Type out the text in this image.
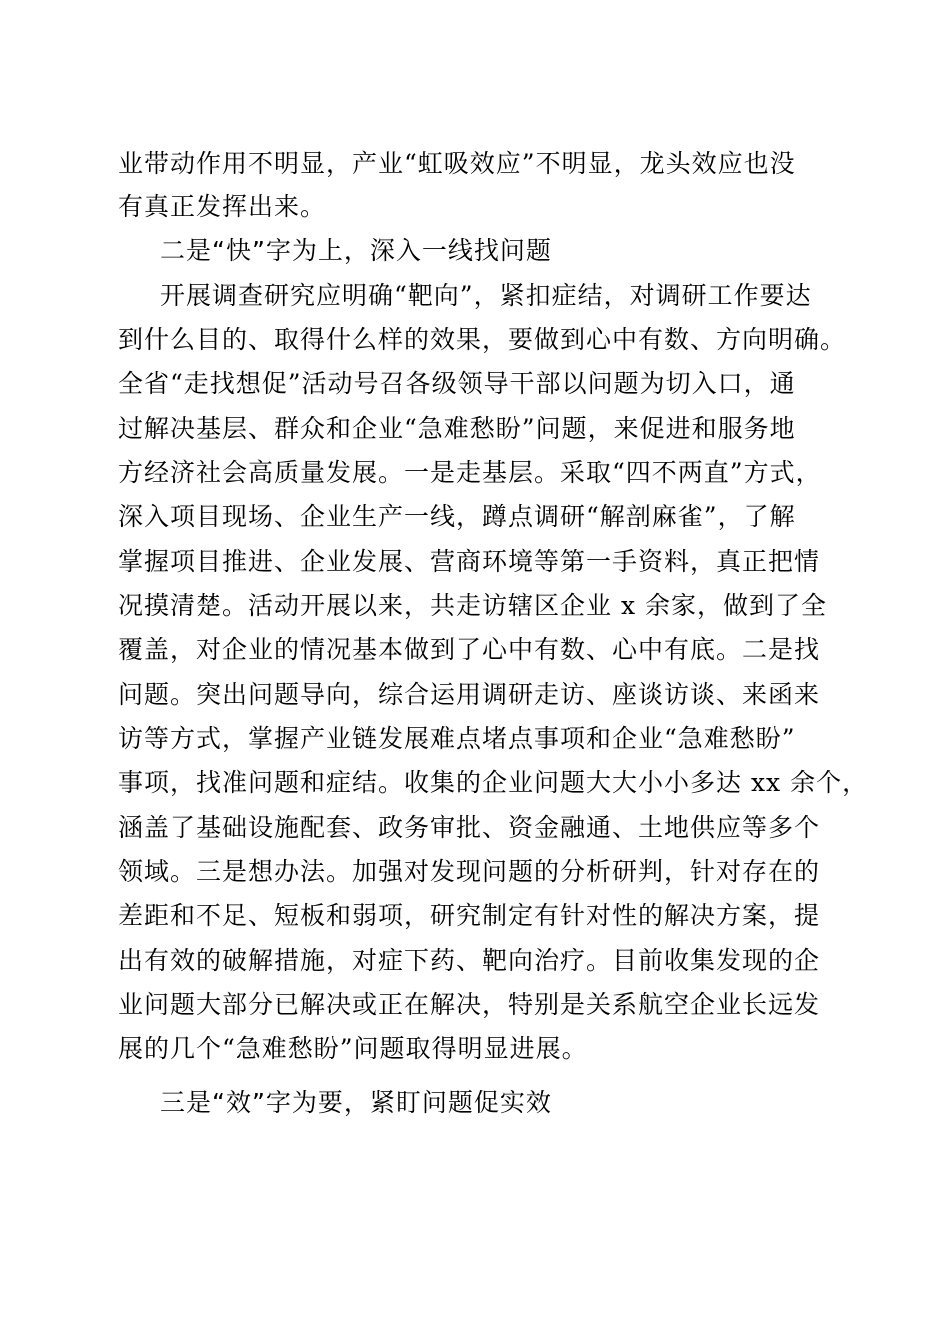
业带动作用不明显，产业“虹吸效应”不明显，龙头效应也没
有真正发挥出来。
二是“快”字为上，深入一线找问题
开展调查研究应明确“靶向”，紧扣症结，对调研工作要达
到什么目的、取得什么样的效果，要做到心中有数、方向明确。
全省“走找想促”活动号召各级领导干部以问题为切入口，通
过解决基层、群众和企业“急难愁盼”问题，来促进和服务地
方经济社会高质量发展。一是走基层。采取“四不两直”方式，
深入项目现场、企业生产一线，蹲点调研“解剖麻雀”，了解
掌握项目推进、企业发展、营商环境等第一手资料，真正把情
况摸清楚。活动开展以来，共走访辖区企业 x 余家，做到了全
覆盖，对企业的情况基本做到了心中有数、心中有底。二是找
问题。突出问题导向，综合运用调研走访、座谈访谈、来函来
访等方式，掌握产业链发展难点堵点事项和企业“急难愁盼”
事项，找准问题和症结。收集的企业问题大大小小多达 xx 余个，
涵盖了基础设施配套、政务审批、资金融通、土地供应等多个
领域。三是想办法。加强对发现问题的分析研判，针对存在的
差距和不足、短板和弱项，研究制定有针对性的解决方案，提
出有效的破解措施，对症下药、靶向治疗。目前收集发现的企
业问题大部分已解决或正在解决，特别是关系航空企业长远发
展的几个“急难愁盼”问题取得明显进展。
三是“效”字为要，紧盯问题促实效
